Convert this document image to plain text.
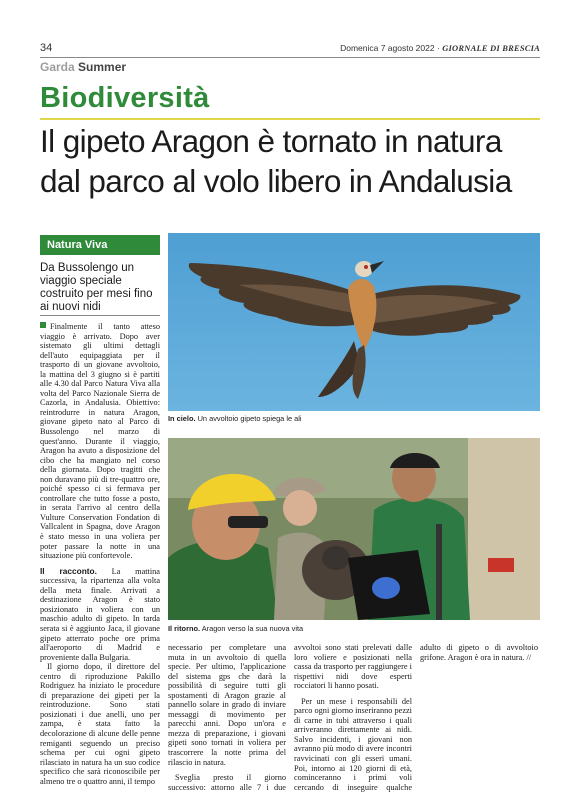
34	Domenica 7 agosto 2022 · GIORNALE DI BRESCIA
Garda Summer
Biodiversità
Il gipeto Aragon è tornato in natura
dal parco al volo libero in Andalusia
Natura Viva
Da Bussolengo un viaggio speciale costruito per mesi fino ai nuovi nidi

Finalmente il tanto atteso viaggio è arrivato. Dopo aver sistemato gli ultimi dettagli dell'auto equipaggiata per il trasporto di un giovane avvoltoio, la mattina del 3 giugno si è partiti alle 4.30 dal Parco Natura Viva alla volta del Parco Nazionale Sierra de Cazorla, in Andalusia. Obiettivo: reintrodurre in natura Aragon, giovane gipeto nato al Parco di Bussolengo nel marzo di quest'anno. Durante il viaggio, Aragon ha avuto a disposizione del cibo che ha mangiato nel corso della giornata. Dopo tragitti che non duravano più di tre-quattro ore, poiché spesso ci si fermava per controllare che tutto fosse a posto, in serata l'arrivo al centro della Vulture Conservation Fondation di Vallcalent in Spagna, dove Aragon è stato messo in una voliera per poter passare la notte in una situazione più confortevole.

Il racconto. La mattina successiva, la ripartenza alla volta della meta finale. Arrivati a destinazione Aragon è stato posizionato in voliera con un maschio adulto di gipeto. In tarda serata si è aggiunto Jaca, il giovane gipeto atterrato poche ore prima all'aeroporto di Madrid e proveniente dalla Bulgaria.

Il giorno dopo, il direttore del centro di riproduzione Pakillo Rodriguez ha iniziato le procedure di preparazione dei gipeti per la reintroduzione. Sono stati posizionati i due anelli, uno per zampa, è stata fatto la decolorazione di alcune delle penne remiganti seguendo un preciso schema per cui ogni gipeto rilasciato in natura ha un suo codice specifico che sarà riconoscibile per almeno tre o quattro anni, il tempo

In cielo. Un avvoltoio gipeto spiega le ali
Il ritorno. Aragon verso la sua nuova vita

necessario per completare una muta in un avvoltoio di quella specie. Per ultimo, l'applicazione del sistema gps che darà la possibilità di seguire tutti gli spostamenti di Aragon grazie al pannello solare in grado di inviare messaggi di movimento per parecchi anni. Dopo un'ora e mezza di preparazione, i giovani gipeti sono tornati in voliera per trascorrere la notte prima del rilascio in natura.

Sveglia presto il giorno successivo: attorno alle 7 i due avvoltoi sono stati prelevati dalle loro voliere e posizionati nella cassa da trasporto per raggiungere i rispettivi nidi dove esperti rocciatori li hanno posati.

Per un mese i responsabili del parco ogni giorno inseriranno pezzi di carne in tubi attraverso i quali arriveranno direttamente ai nidi. Salvo incidenti, i giovani non avranno più modo di avere incontri ravvicinati con gli esseri umani. Poi, intorno ai 120 giorni di età, cominceranno i primi voli cercando di inseguire qualche adulto di gipeto o di avvoltoio grifone. Aragon è ora in natura. //
